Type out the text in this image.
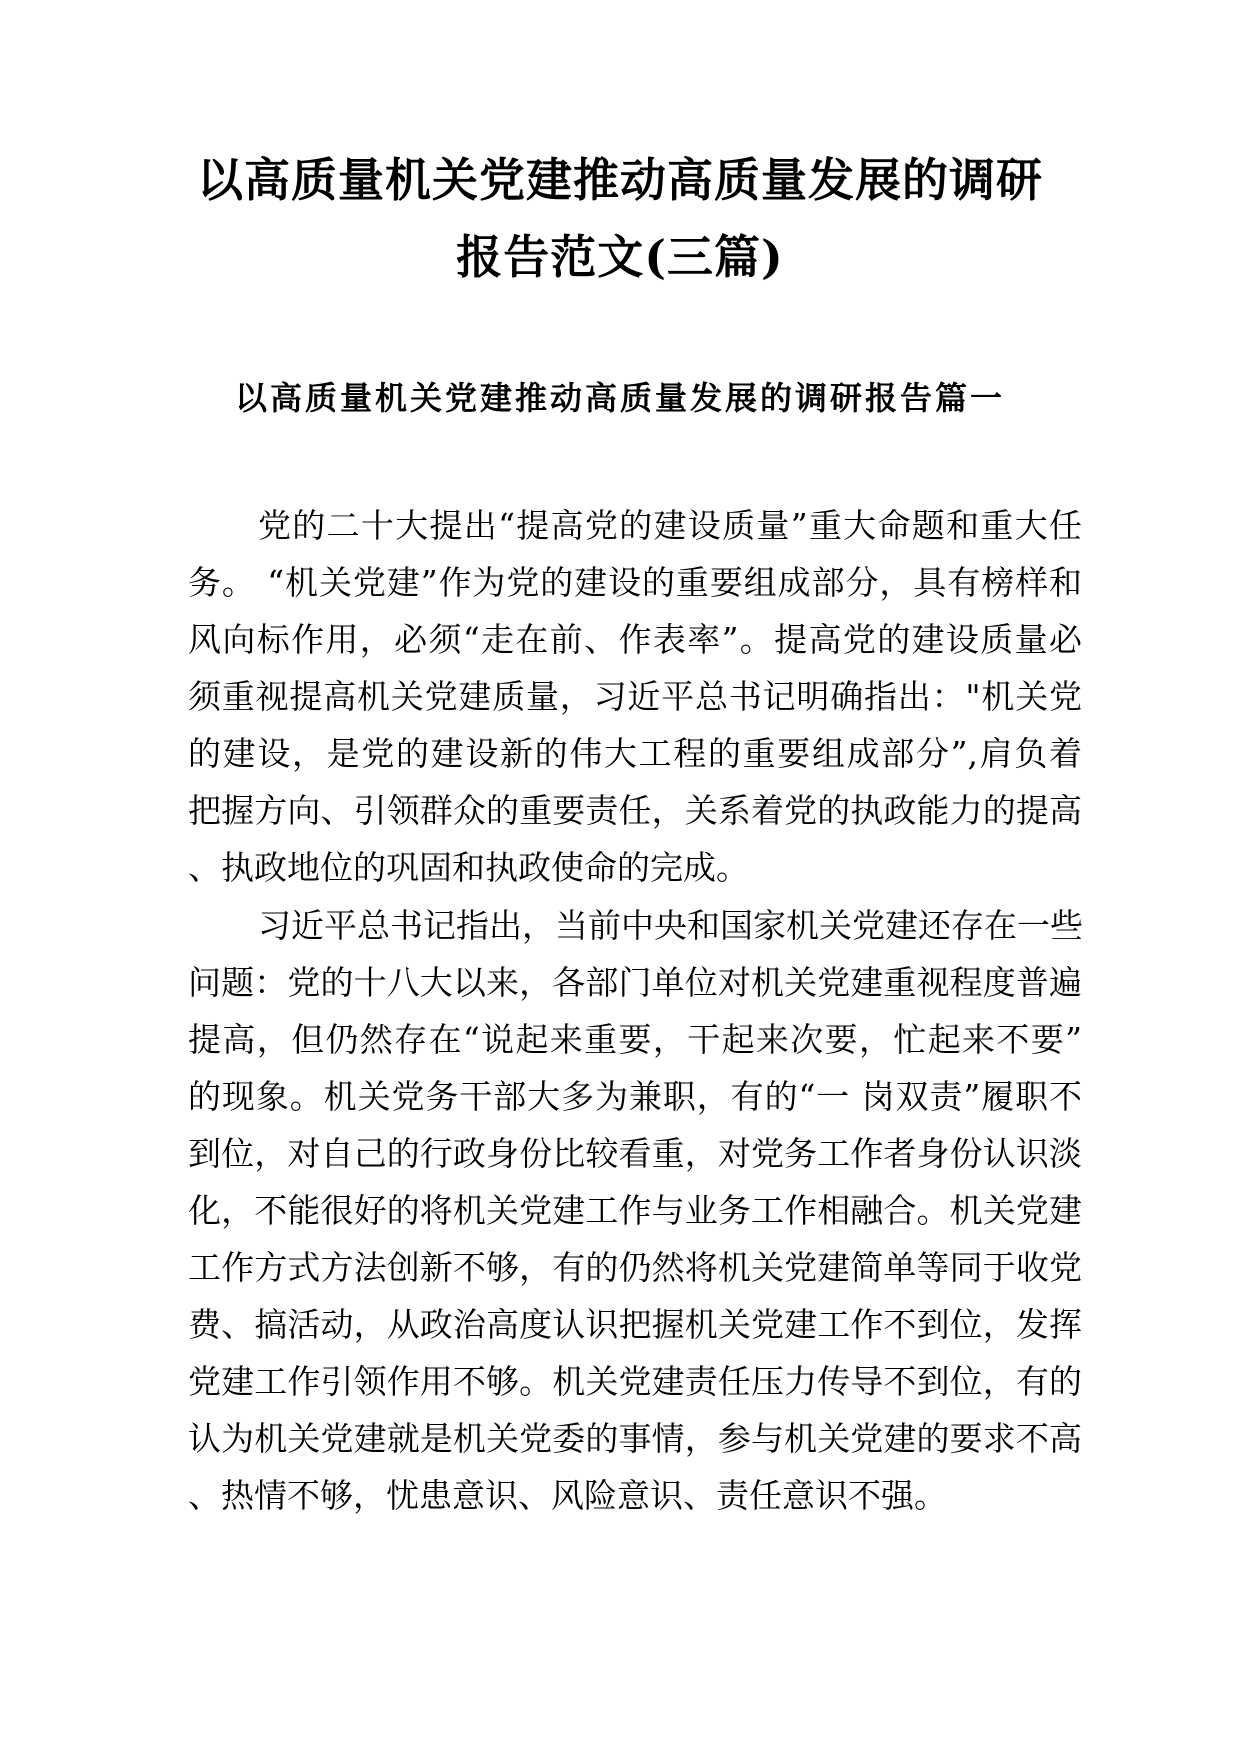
以高质量机关党建推动高质量发展的调研
报告范文(三篇)
以高质量机关党建推动高质量发展的调研报告篇一
党的二十大提出“提高党的建设质量”重大命题和重大任
务。 “机关党建”作为党的建设的重要组成部分，具有榜样和
风向标作用，必须“走在前、作表率”。提高党的建设质量必
须重视提高机关党建质量，习近平总书记明确指出："机关党
的建设，是党的建设新的伟大工程的重要组成部分”,肩负着
把握方向、引领群众的重要责任，关系着党的执政能力的提高
、执政地位的巩固和执政使命的完成。
习近平总书记指出，当前中央和国家机关党建还存在一些
问题：党的十八大以来，各部门单位对机关党建重视程度普遍
提高，但仍然存在“说起来重要，干起来次要，忙起来不要”
的现象。机关党务干部大多为兼职，有的“一 岗双责”履职不
到位，对自己的行政身份比较看重，对党务工作者身份认识淡
化，不能很好的将机关党建工作与业务工作相融合。机关党建
工作方式方法创新不够，有的仍然将机关党建简单等同于收党
费、搞活动，从政治高度认识把握机关党建工作不到位，发挥
党建工作引领作用不够。机关党建责任压力传导不到位，有的
认为机关党建就是机关党委的事情，参与机关党建的要求不高
、热情不够，忧患意识、风险意识、责任意识不强。
